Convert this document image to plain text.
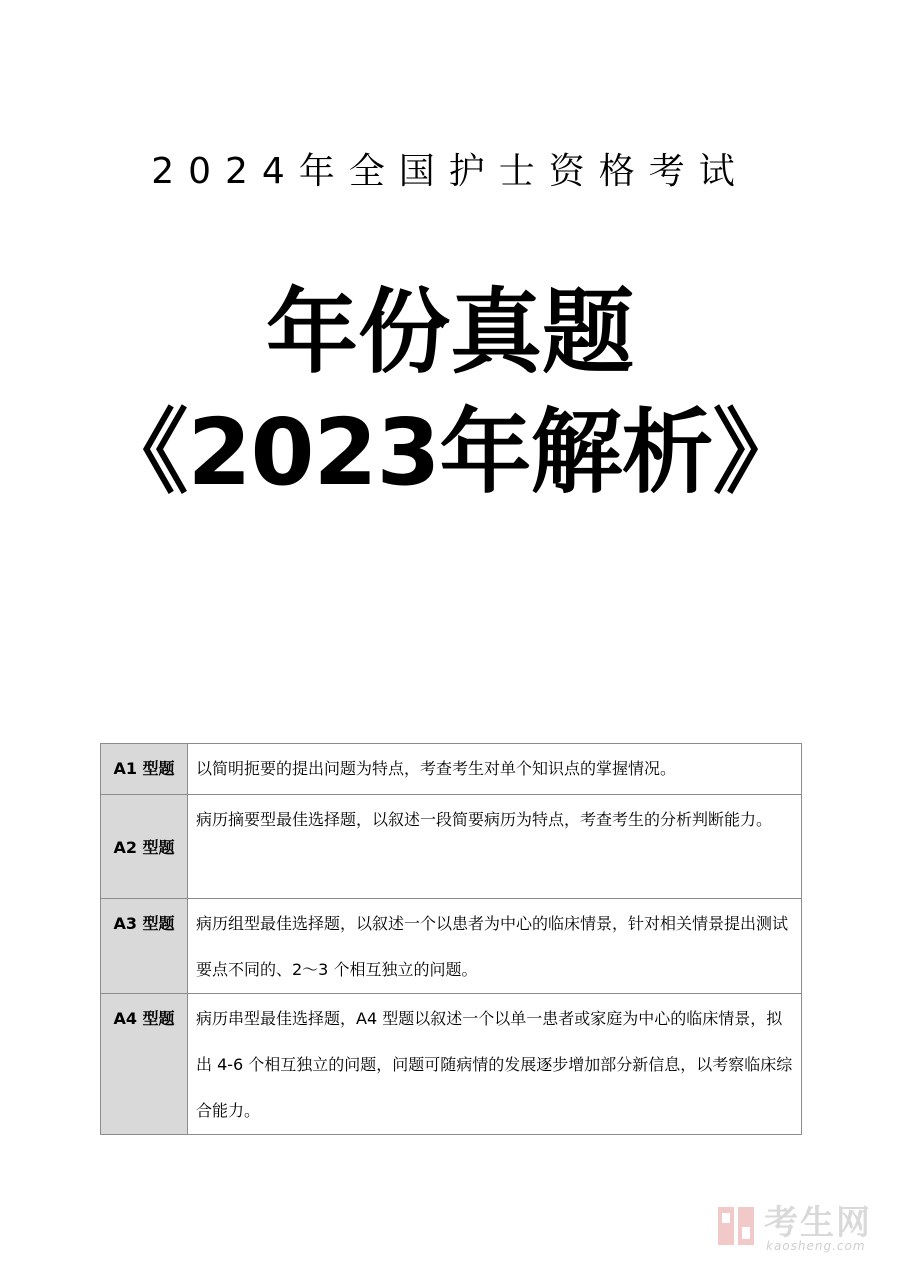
2024年全国护士资格考试
年份真题
《2023年解析》
A1 型题	以简明扼要的提出问题为特点，考查考生对单个知识点的掌握情况。
A2 型题	病历摘要型最佳选择题，以叙述一段简要病历为特点，考查考生的分析判断能力。
A3 型题	病历组型最佳选择题，以叙述一个以患者为中心的临床情景，针对相关情景提出测试要点不同的、2～3 个相互独立的问题。
A4 型题	病历串型最佳选择题，A4 型题以叙述一个以单一患者或家庭为中心的临床情景，拟出 4-6 个相互独立的问题，问题可随病情的发展逐步增加部分新信息，以考察临床综合能力。
考生网
kaosheng.com
